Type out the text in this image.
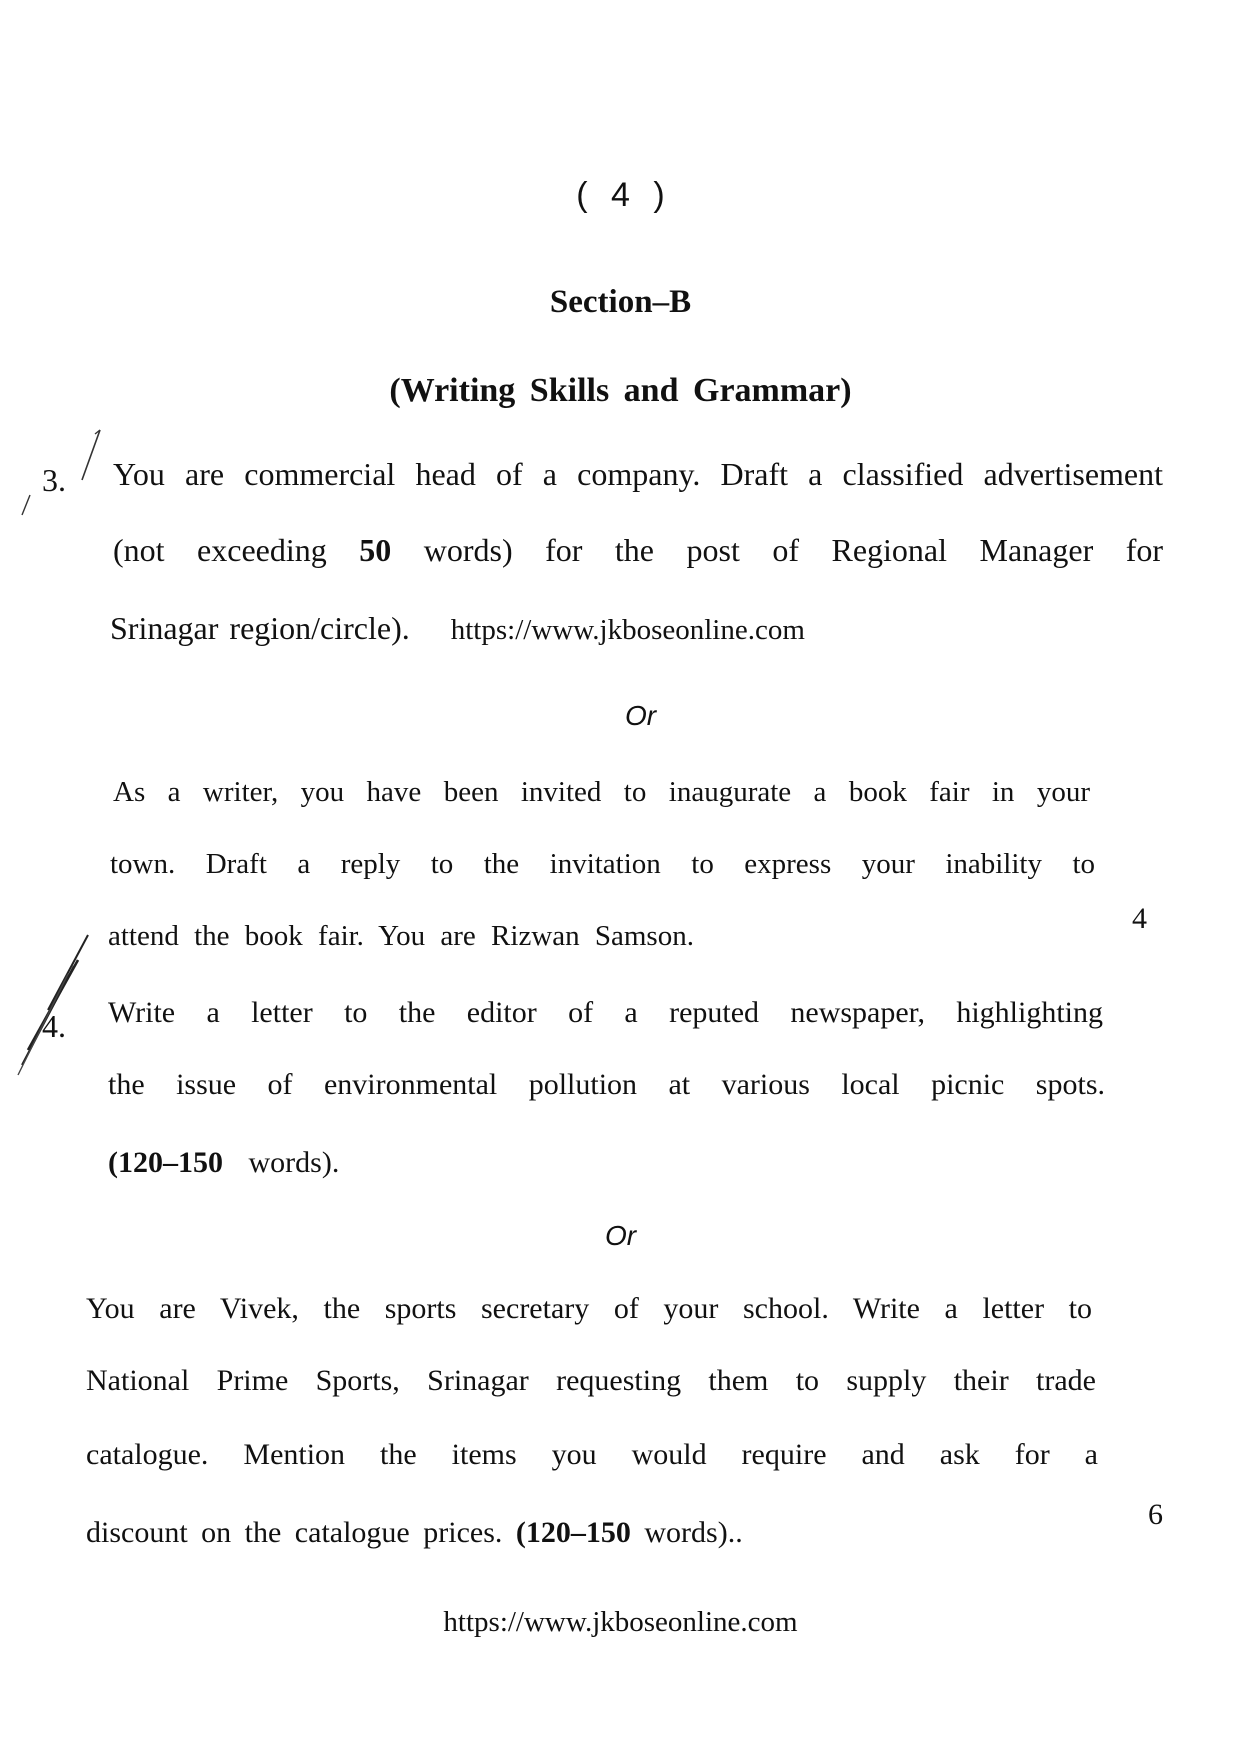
( 4 )
Section–B
(Writing Skills and Grammar)
3. You are commercial head of a company. Draft a classified advertisement
(not exceeding 50 words) for the post of Regional Manager for
Srinagar region/circle). https://www.jkboseonline.com
Or
As a writer, you have been invited to inaugurate a book fair in your
town. Draft a reply to the invitation to express your inability to
attend the book fair. You are Rizwan Samson.
4
4. Write a letter to the editor of a reputed newspaper, highlighting
the issue of environmental pollution at various local picnic spots.
(120–150 words).
Or
You are Vivek, the sports secretary of your school. Write a letter to
National Prime Sports, Srinagar requesting them to supply their trade
catalogue. Mention the items you would require and ask for a
discount on the catalogue prices. (120–150 words)..
6
https://www.jkboseonline.com
